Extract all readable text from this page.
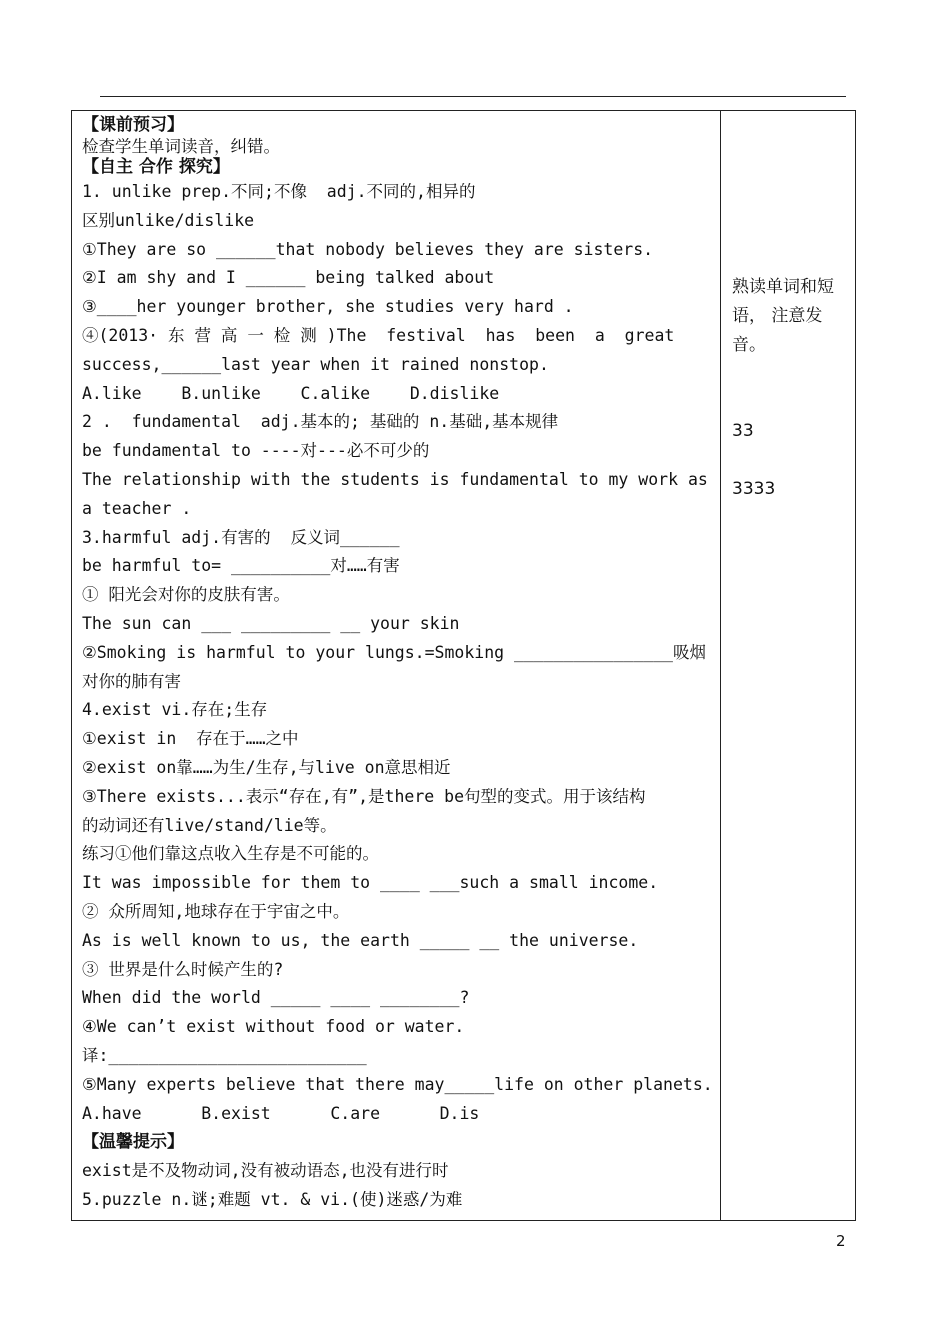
【课前预习】
检查学生单词读音，纠错。
【自主 合作 探究】
1. unlike prep.不同;不像  adj.不同的,相异的
区别unlike/dislike
①They are so ______that nobody believes they are sisters.
②I am shy and I ______ being talked about
③____her younger brother, she studies very hard .
④(2013· 东 营 高 一 检 测 )The  festival  has  been  a  great
success,______last year when it rained nonstop.
A.like    B.unlike    C.alike    D.dislike
2 .  fundamental  adj.基本的; 基础的 n.基础,基本规律
be fundamental to ----对---必不可少的
The relationship with the students is fundamental to my work as
a teacher .
3.harmful adj.有害的  反义词______
be harmful to= __________对……有害
① 阳光会对你的皮肤有害。
The sun can ___ _________ __ your skin
②Smoking is harmful to your lungs.=Smoking ________________吸烟
对你的肺有害
4.exist vi.存在;生存
①exist in  存在于……之中
②exist on靠……为生/生存,与live on意思相近
③There exists...表示“存在,有”,是there be句型的变式。用于该结构
的动词还有live/stand/lie等。
练习①他们靠这点收入生存是不可能的。
It was impossible for them to ____ ___such a small income.
② 众所周知,地球存在于宇宙之中。
As is well known to us, the earth _____ __ the universe.
③ 世界是什么时候产生的?
When did the world _____ ____ ________?
④We can’t exist without food or water.
译:__________________________
⑤Many experts believe that there may_____life on other planets.
A.have      B.exist      C.are      D.is
【温馨提示】
exist是不及物动词,没有被动语态,也没有进行时
5.puzzle n.谜;难题 vt. & vi.(使)迷惑/为难
熟读单词和短
语， 注意发
音。
33
3333
2
